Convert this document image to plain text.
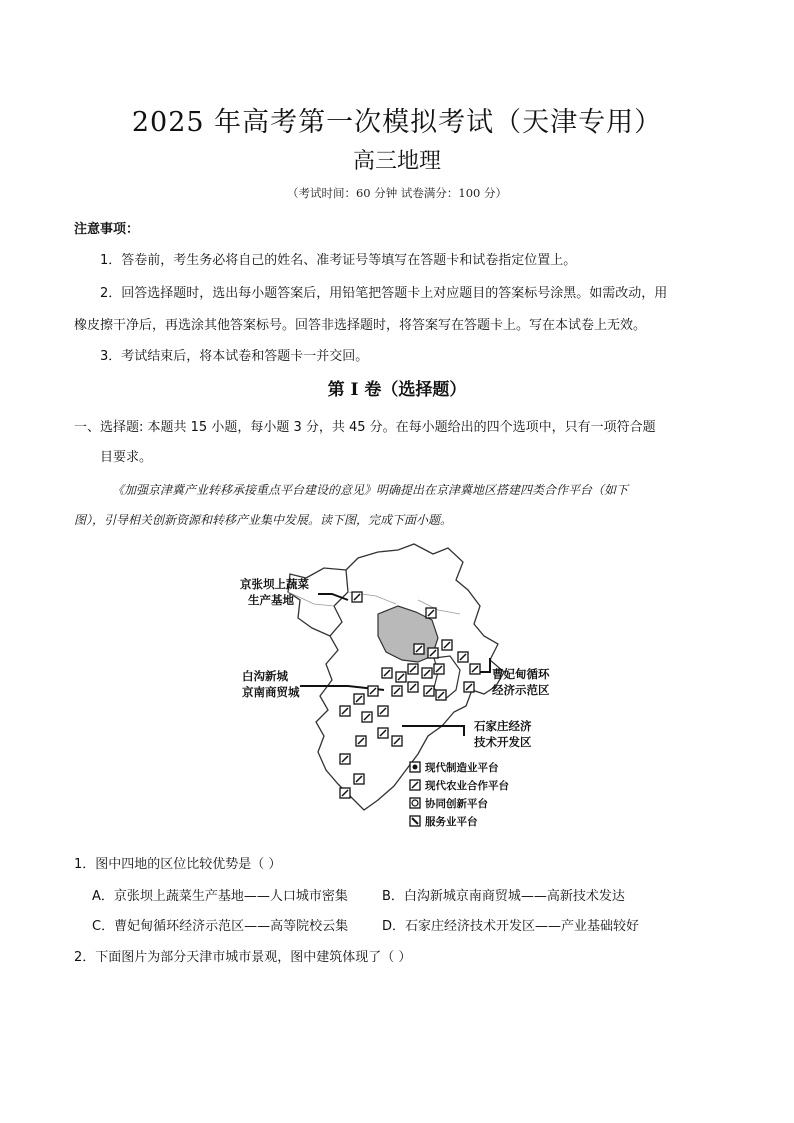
2025 年高考第一次模拟考试（天津专用）
高三地理
（考试时间：60 分钟 试卷满分：100 分）
注意事项：
1．答卷前，考生务必将自己的姓名、准考证号等填写在答题卡和试卷指定位置上。
2．回答选择题时，选出每小题答案后，用铅笔把答题卡上对应题目的答案标号涂黑。如需改动，用
橡皮擦干净后，再选涂其他答案标号。回答非选择题时，将答案写在答题卡上。写在本试卷上无效。
3．考试结束后，将本试卷和答题卡一并交回。
第 I 卷（选择题）
一、选择题: 本题共 15 小题，每小题 3 分，共 45 分。在每小题给出的四个选项中，只有一项符合题
目要求。
《加强京津冀产业转移承接重点平台建设的意见》明确提出在京津冀地区搭建四类合作平台（如下
图），引导相关创新资源和转移产业集中发展。读下图，完成下面小题。
京张坝上蔬菜
生产基地
白沟新城
京南商贸城
曹妃甸循环
经济示范区
石家庄经济
技术开发区
现代制造业平台
现代农业合作平台
协同创新平台
服务业平台
1．图中四地的区位比较优势是（ ）
A．京张坝上蔬菜生产基地——人口城市密集	B．白沟新城京南商贸城——高新技术发达
C．曹妃甸循环经济示范区——高等院校云集	D．石家庄经济技术开发区——产业基础较好
2．下面图片为部分天津市城市景观，图中建筑体现了（ ）
